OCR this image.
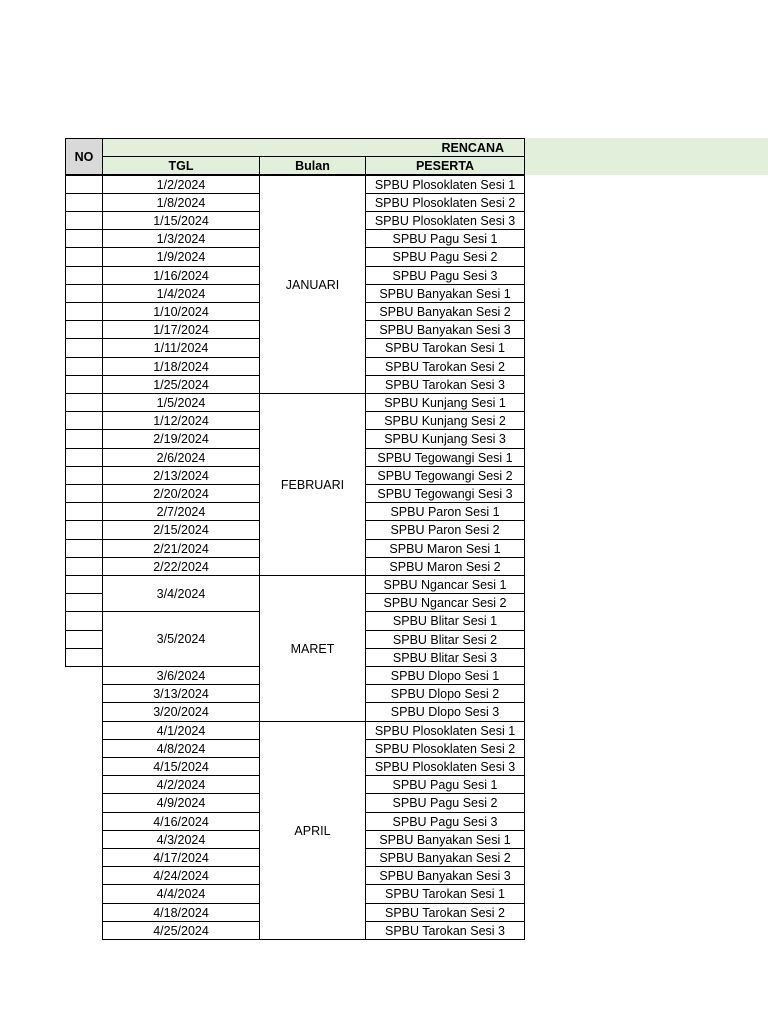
NO
RENCANA
TGL	Bulan	PESERTA
1/2/2024
1/8/2024
1/15/2024
1/3/2024
1/9/2024
1/16/2024
1/4/2024
1/10/2024
1/17/2024
1/11/2024
1/18/2024
1/25/2024
1/5/2024
1/12/2024
2/19/2024
2/6/2024
2/13/2024
2/20/2024
2/7/2024
2/15/2024
2/21/2024
2/22/2024
3/4/2024
3/5/2024
3/6/2024
3/13/2024
3/20/2024
4/1/2024
4/8/2024
4/15/2024
4/2/2024
4/9/2024
4/16/2024
4/3/2024
4/17/2024
4/24/2024
4/4/2024
4/18/2024
4/25/2024
JANUARI
FEBRUARI
MARET
APRIL
SPBU Plosoklaten Sesi 1
SPBU Plosoklaten Sesi 2
SPBU Plosoklaten Sesi 3
SPBU Pagu Sesi 1
SPBU Pagu Sesi 2
SPBU Pagu Sesi 3
SPBU Banyakan Sesi 1
SPBU Banyakan Sesi 2
SPBU Banyakan Sesi 3
SPBU Tarokan Sesi 1
SPBU Tarokan Sesi 2
SPBU Tarokan Sesi 3
SPBU Kunjang Sesi 1
SPBU Kunjang Sesi 2
SPBU Kunjang Sesi 3
SPBU Tegowangi Sesi 1
SPBU Tegowangi Sesi 2
SPBU Tegowangi Sesi 3
SPBU Paron Sesi 1
SPBU Paron Sesi 2
SPBU Maron Sesi 1
SPBU Maron Sesi 2
SPBU Ngancar Sesi 1
SPBU Ngancar Sesi 2
SPBU Blitar Sesi 1
SPBU Blitar Sesi 2
SPBU Blitar Sesi 3
SPBU Dlopo Sesi 1
SPBU Dlopo Sesi 2
SPBU Dlopo Sesi 3
SPBU Plosoklaten Sesi 1
SPBU Plosoklaten Sesi 2
SPBU Plosoklaten Sesi 3
SPBU Pagu Sesi 1
SPBU Pagu Sesi 2
SPBU Pagu Sesi 3
SPBU Banyakan Sesi 1
SPBU Banyakan Sesi 2
SPBU Banyakan Sesi 3
SPBU Tarokan Sesi 1
SPBU Tarokan Sesi 2
SPBU Tarokan Sesi 3
